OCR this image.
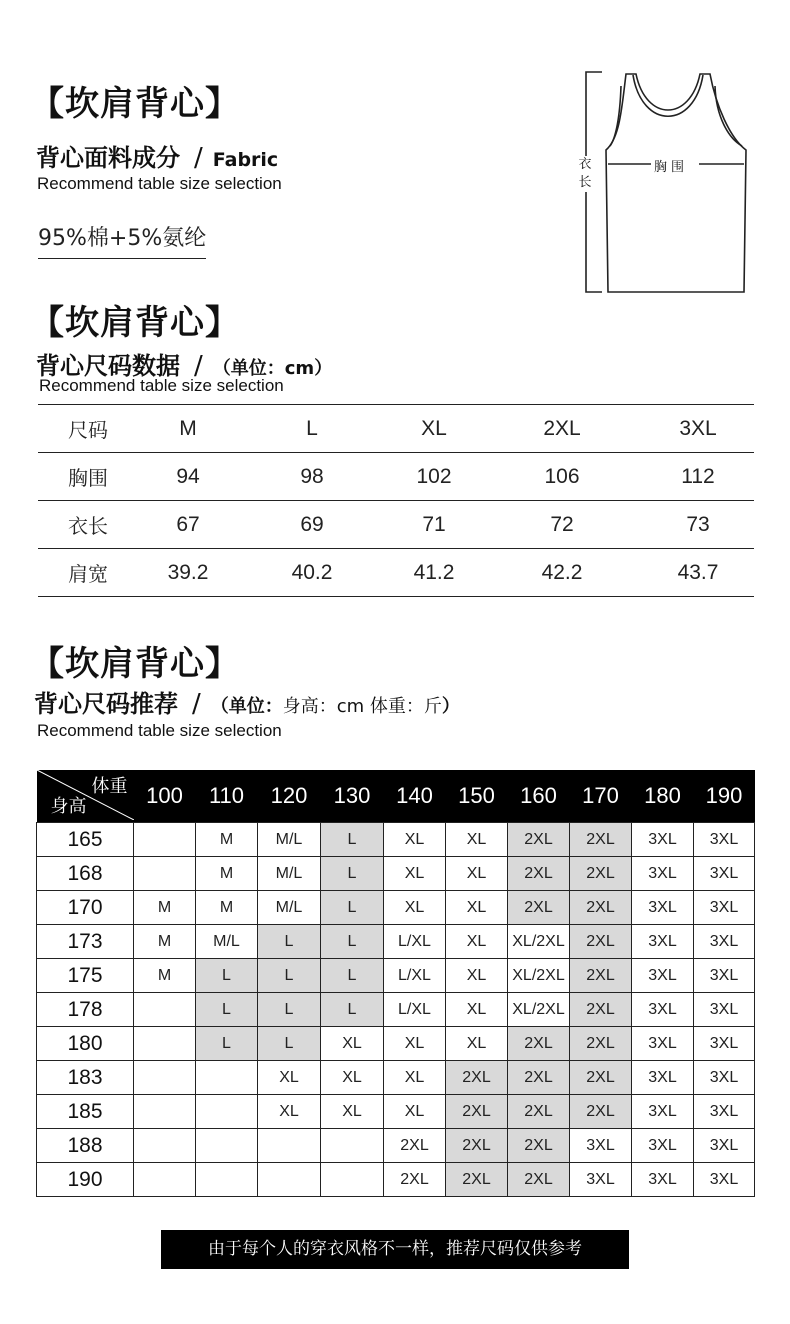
【坎肩背心】
背心面料成分 / Fabric
Recommend table size selection
95%棉+5%氨纶
衣长
胸围
【坎肩背心】
背心尺码数据 / （单位：cm）
Recommend table size selection
尺码	M	L	XL	2XL	3XL
胸围	94	98	102	106	112
衣长	67	69	71	72	73
肩宽	39.2	40.2	41.2	42.2	43.7
【坎肩背心】
背心尺码推荐 / （单位：身高：cm 体重：斤）
Recommend table size selection
体重
身高	100	110	120	130	140	150	160	170	180	190
165		M	M/L	L	XL	XL	2XL	2XL	3XL	3XL
168		M	M/L	L	XL	XL	2XL	2XL	3XL	3XL
170	M	M	M/L	L	XL	XL	2XL	2XL	3XL	3XL
173	M	M/L	L	L	L/XL	XL	XL/2XL	2XL	3XL	3XL
175	M	L	L	L	L/XL	XL	XL/2XL	2XL	3XL	3XL
178		L	L	L	L/XL	XL	XL/2XL	2XL	3XL	3XL
180		L	L	XL	XL	XL	2XL	2XL	3XL	3XL
183			XL	XL	XL	2XL	2XL	2XL	3XL	3XL
185			XL	XL	XL	2XL	2XL	2XL	3XL	3XL
188					2XL	2XL	2XL	3XL	3XL	3XL
190					2XL	2XL	2XL	3XL	3XL	3XL
由于每个人的穿衣风格不一样，推荐尺码仅供参考
